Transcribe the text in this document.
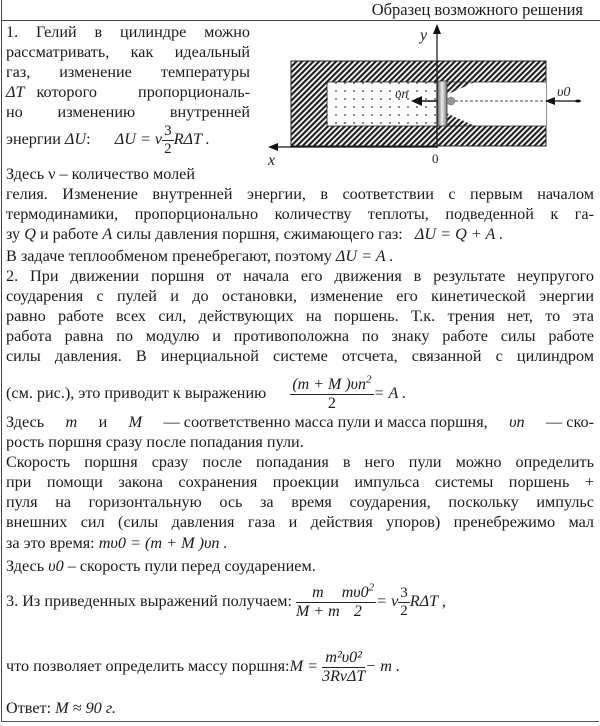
Образец возможного решения
1. Гелий в цилиндре можно
рассматривать, как идеальный
газ, изменение температуры
ΔT которого пропорциональ-
но изменению внутренней
энергии ΔU: ΔU = ν $\frac{3}{2}$ RΔT .
Здесь ν – количество молей
гелия. Изменение внутренней энергии, в соответствии с первым началом
термодинамики, пропорционально количеству теплоты, подведенной к га-
зу Q и работе A силы давления поршня, сжимающего газ: ΔU = Q + A .
В задаче теплообменом пренебрегают, поэтому ΔU = A .
y
x	0
υп	υ0
2. При движении поршня от начала его движения в результате неупругого
соударения с пулей и до остановки, изменение его кинетической энергии
равно работе всех сил, действующих на поршень. Т.к. трения нет, то эта
работа равна по модулю и противоположна по знаку работе силы работе
силы давления. В инерциальной системе отсчета, связанной с цилиндром
(см. рис.), это приводит к выражению $\frac{(m + M )\upsilon n^2}{2} = A$ .
Здесь m и M — соответственно масса пули и масса поршня, υп — ско-
рость поршня сразу после попадания пули.
Скорость поршня сразу после попадания в него пули можно определить
при помощи закона сохранения проекции импульса системы поршень +
пуля на горизонтальную ось за время соударения, поскольку импульс
внешних сил (силы давления газа и действия упоров) пренебрежимо мал
за это время: mυ0 = (m + M )υп .
Здесь υ0 – скорость пули перед соударением.
3. Из приведенных выражений получаем: $\frac{m}{M + m} \frac{m\upsilon 0^2}{2} = \nu \frac{3}{2}$ RΔT ,
что позволяет определить массу поршня:M = $\frac{\text{m²υ0²}}{\text{3RνΔT}} - m$ .
Ответ: M ≈ 90 г.
